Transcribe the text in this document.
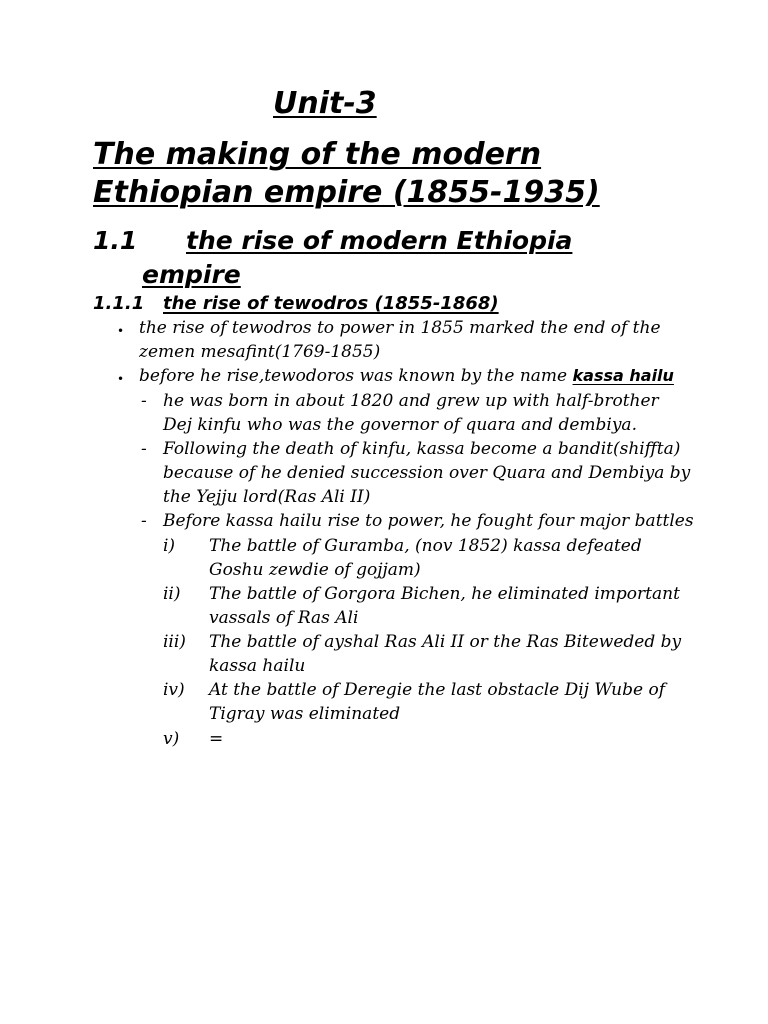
Unit-3
The making of the modern
Ethiopian empire (1855-1935)
1.1 the rise of modern Ethiopia
empire
1.1.1 the rise of tewodros (1855-1868)
• the rise of tewodros to power in 1855 marked the end of the
zemen mesafint(1769-1855)
• before he rise,tewodoros was known by the name kassa hailu
- he was born in about 1820 and grew up with half-brother
Dej kinfu who was the governor of quara and dembiya.
- Following the death of kinfu, kassa become a bandit(shiffta)
because of he denied succession over Quara and Dembiya by
the Yejju lord(Ras Ali II)
- Before kassa hailu rise to power, he fought four major battles
i) The battle of Guramba, (nov 1852) kassa defeated
Goshu zewdie of gojjam)
ii) The battle of Gorgora Bichen, he eliminated important
vassals of Ras Ali
iii) The battle of ayshal Ras Ali II or the Ras Biteweded by
kassa hailu
iv) At the battle of Deregie the last obstacle Dij Wube of
Tigray was eliminated
v) =
